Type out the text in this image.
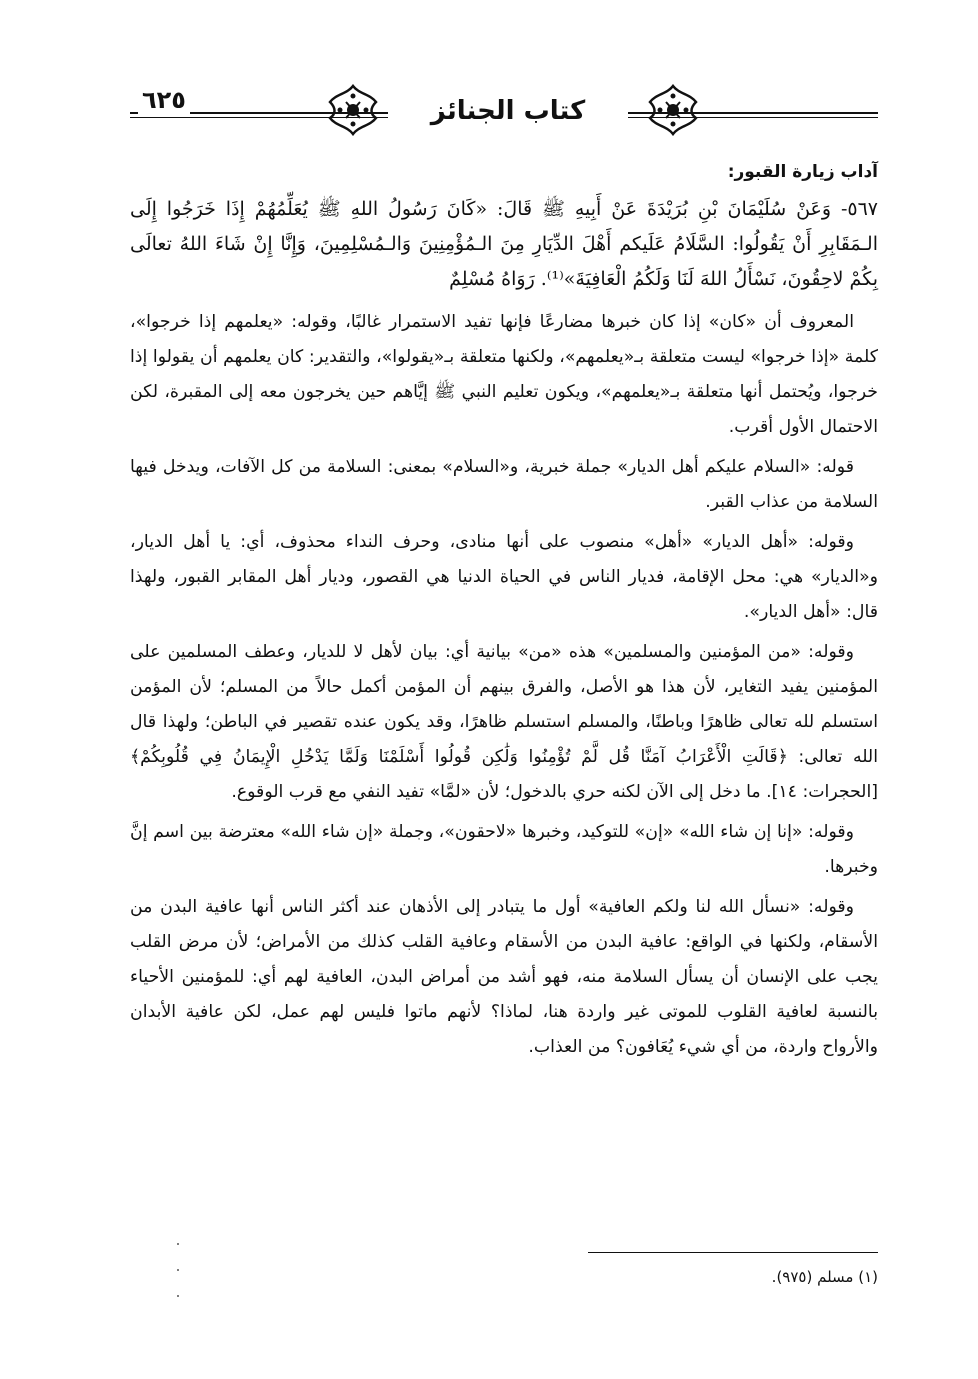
كتاب الجنائز
٦٢٥

آداب زيارة القبور:

٥٦٧- وَعَنْ سُلَيْمَانَ بْنِ بُرَيْدَةَ عَنْ أَبِيهِ ﷺ قَالَ: «كَانَ رَسُولُ اللهِ ﷺ يُعَلِّمُهُمْ إِذَا خَرَجُوا إِلَى الـمَقَابِرِ أَنْ يَقُولُوا: السَّلَامُ عَلَيكم أَهْلَ الدِّيَارِ مِنَ الـمُؤْمِنِينَ وَالـمُسْلِمِينَ، وَإِنَّا إِنْ شَاءَ اللهُ تعالَى بِكُمْ لاحِقُونَ، نَسْأَلُ اللهَ لَنَا وَلَكُمُ الْعَافِيَةَ»⁽¹⁾. رَوَاهُ مُسْلِمٌ

المعروف أن «كان» إذا كان خبرها مضارعًا فإنها تفيد الاستمرار غالبًا، وقوله: «يعلمهم إذا خرجوا»، كلمة «إذا خرجوا» ليست متعلقة بـ«يعلمهم»، ولكنها متعلقة بـ«يقولوا»، والتقدير: كان يعلمهم أن يقولوا إذا خرجوا، ويُحتمل أنها متعلقة بـ«يعلمهم»، ويكون تعليم النبي ﷺ إيَّاهم حين يخرجون معه إلى المقبرة، لكن الاحتمال الأول أقرب.

قوله: «السلام عليكم أهل الديار» جملة خبرية، و«السلام» بمعنى: السلامة من كل الآفات، ويدخل فيها السلامة من عذاب القبر.

وقوله: «أهل الديار» «أهل» منصوب على أنها منادى، وحرف النداء محذوف، أي: يا أهل الديار، و«الديار» هي: محل الإقامة، فديار الناس في الحياة الدنيا هي القصور، وديار أهل المقابر القبور، ولهذا قال: «أهل الديار».

وقوله: «من المؤمنين والمسلمين» هذه «من» بيانية أي: بيان لأهل لا للديار، وعطف المسلمين على المؤمنين يفيد التغاير، لأن هذا هو الأصل، والفرق بينهم أن المؤمن أكمل حالاً من المسلم؛ لأن المؤمن استسلم لله تعالى ظاهرًا وباطنًا، والمسلم استسلم ظاهرًا، وقد يكون عنده تقصير في الباطن؛ ولهذا قال الله تعالى: ﴿قَالَتِ الْأَعْرَابُ آمَنَّا قُل لَّمْ تُؤْمِنُوا وَلَٰكِن قُولُوا أَسْلَمْنَا وَلَمَّا يَدْخُلِ الْإِيمَانُ فِي قُلُوبِكُمْ﴾ [الحجرات: ١٤]. ما دخل إلى الآن لكنه حري بالدخول؛ لأن «لمَّا» تفيد النفي مع قرب الوقوع.

وقوله: «إنا إن شاء الله» «إن» للتوكيد، وخبرها «لاحقون»، وجملة «إن شاء الله» معترضة بين اسم إنَّ وخبرها.

وقوله: «نسأل الله لنا ولكم العافية» أول ما يتبادر إلى الأذهان عند أكثر الناس أنها عافية البدن من الأسقام، ولكنها في الواقع: عافية البدن من الأسقام وعافية القلب كذلك من الأمراض؛ لأن مرض القلب يجب على الإنسان أن يسأل السلامة منه، فهو أشد من أمراض البدن، العافية لهم أي: للمؤمنين الأحياء بالنسبة لعافية القلوب للموتى غير واردة هنا، لماذا؟ لأنهم ماتوا فليس لهم عمل، لكن عافية الأبدان والأرواح واردة، من أي شيء يُعَافون؟ من العذاب.

(١) مسلم (٩٧٥).
